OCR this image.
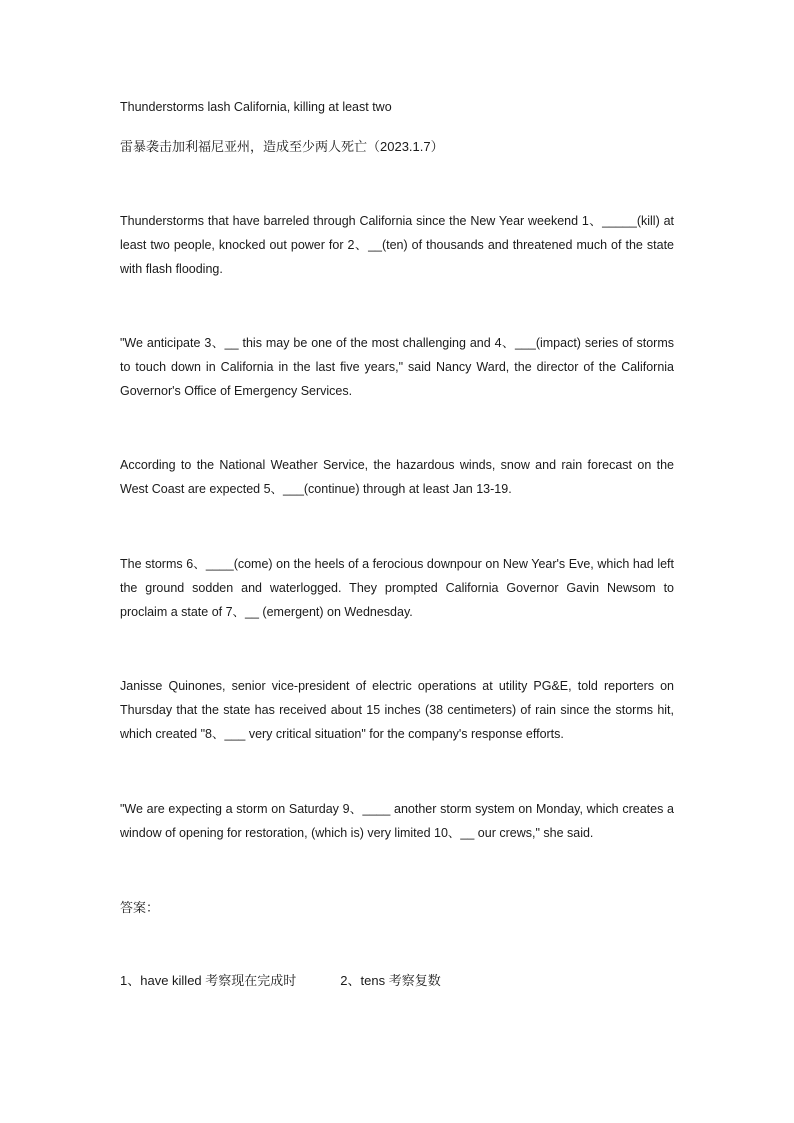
Thunderstorms lash California, killing at least two
雷暴袭击加利福尼亚州，造成至少两人死亡（2023.1.7）
Thunderstorms that have barreled through California since the New Year weekend 1、_____(kill) at least two people, knocked out power for 2、__(ten) of thousands and threatened much of the state with flash flooding.
"We anticipate 3、__ this may be one of the most challenging and 4、___(impact) series of storms to touch down in California in the last five years," said Nancy Ward, the director of the California Governor's Office of Emergency Services.
According to the National Weather Service, the hazardous winds, snow and rain forecast on the West Coast are expected 5、___(continue) through at least Jan 13-19.
The storms 6、____(come) on the heels of a ferocious downpour on New Year's Eve, which had left the ground sodden and waterlogged. They prompted California Governor Gavin Newsom to proclaim a state of 7、__ (emergent) on Wednesday.
Janisse Quinones, senior vice-president of electric operations at utility PG&E, told reporters on Thursday that the state has received about 15 inches (38 centimeters) of rain since the storms hit, which created "8、___ very critical situation" for the company's response efforts.
"We are expecting a storm on Saturday 9、____ another storm system on Monday, which creates a window of opening for restoration, (which is) very limited 10、__ our crews," she said.
答案：
1、have killed 考察现在完成时	2、tens 考察复数
